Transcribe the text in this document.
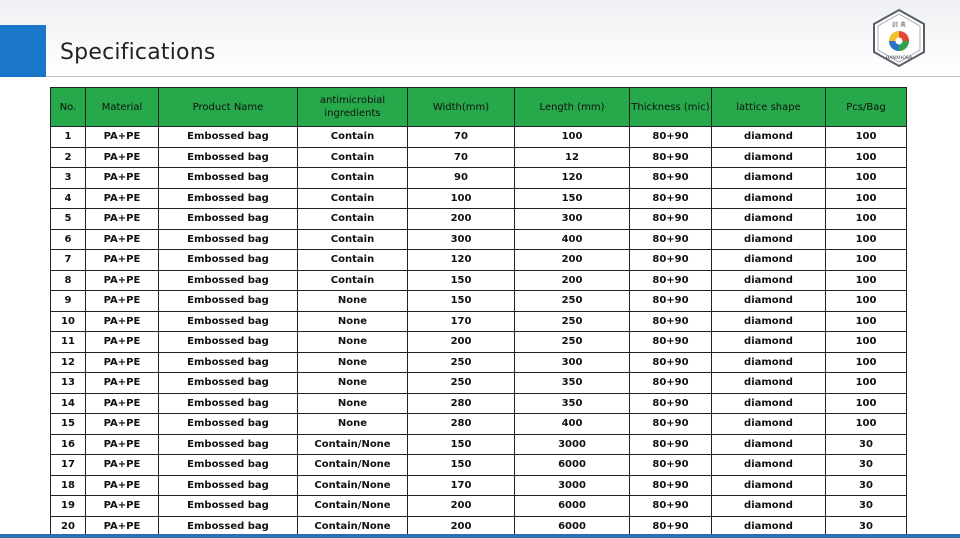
Specifications
韩 典
HANXHOSA
No.	Material	Product Name	antimicrobial ingredients	Width(mm)	Length (mm)	Thickness (mic)	lattice shape	Pcs/Bag
1	PA+PE	Embossed bag	Contain	70	100	80+90	diamond	100
2	PA+PE	Embossed bag	Contain	70	12	80+90	diamond	100
3	PA+PE	Embossed bag	Contain	90	120	80+90	diamond	100
4	PA+PE	Embossed bag	Contain	100	150	80+90	diamond	100
5	PA+PE	Embossed bag	Contain	200	300	80+90	diamond	100
6	PA+PE	Embossed bag	Contain	300	400	80+90	diamond	100
7	PA+PE	Embossed bag	Contain	120	200	80+90	diamond	100
8	PA+PE	Embossed bag	Contain	150	200	80+90	diamond	100
9	PA+PE	Embossed bag	None	150	250	80+90	diamond	100
10	PA+PE	Embossed bag	None	170	250	80+90	diamond	100
11	PA+PE	Embossed bag	None	200	250	80+90	diamond	100
12	PA+PE	Embossed bag	None	250	300	80+90	diamond	100
13	PA+PE	Embossed bag	None	250	350	80+90	diamond	100
14	PA+PE	Embossed bag	None	280	350	80+90	diamond	100
15	PA+PE	Embossed bag	None	280	400	80+90	diamond	100
16	PA+PE	Embossed bag	Contain/None	150	3000	80+90	diamond	30
17	PA+PE	Embossed bag	Contain/None	150	6000	80+90	diamond	30
18	PA+PE	Embossed bag	Contain/None	170	3000	80+90	diamond	30
19	PA+PE	Embossed bag	Contain/None	200	6000	80+90	diamond	30
20	PA+PE	Embossed bag	Contain/None	200	6000	80+90	diamond	30
